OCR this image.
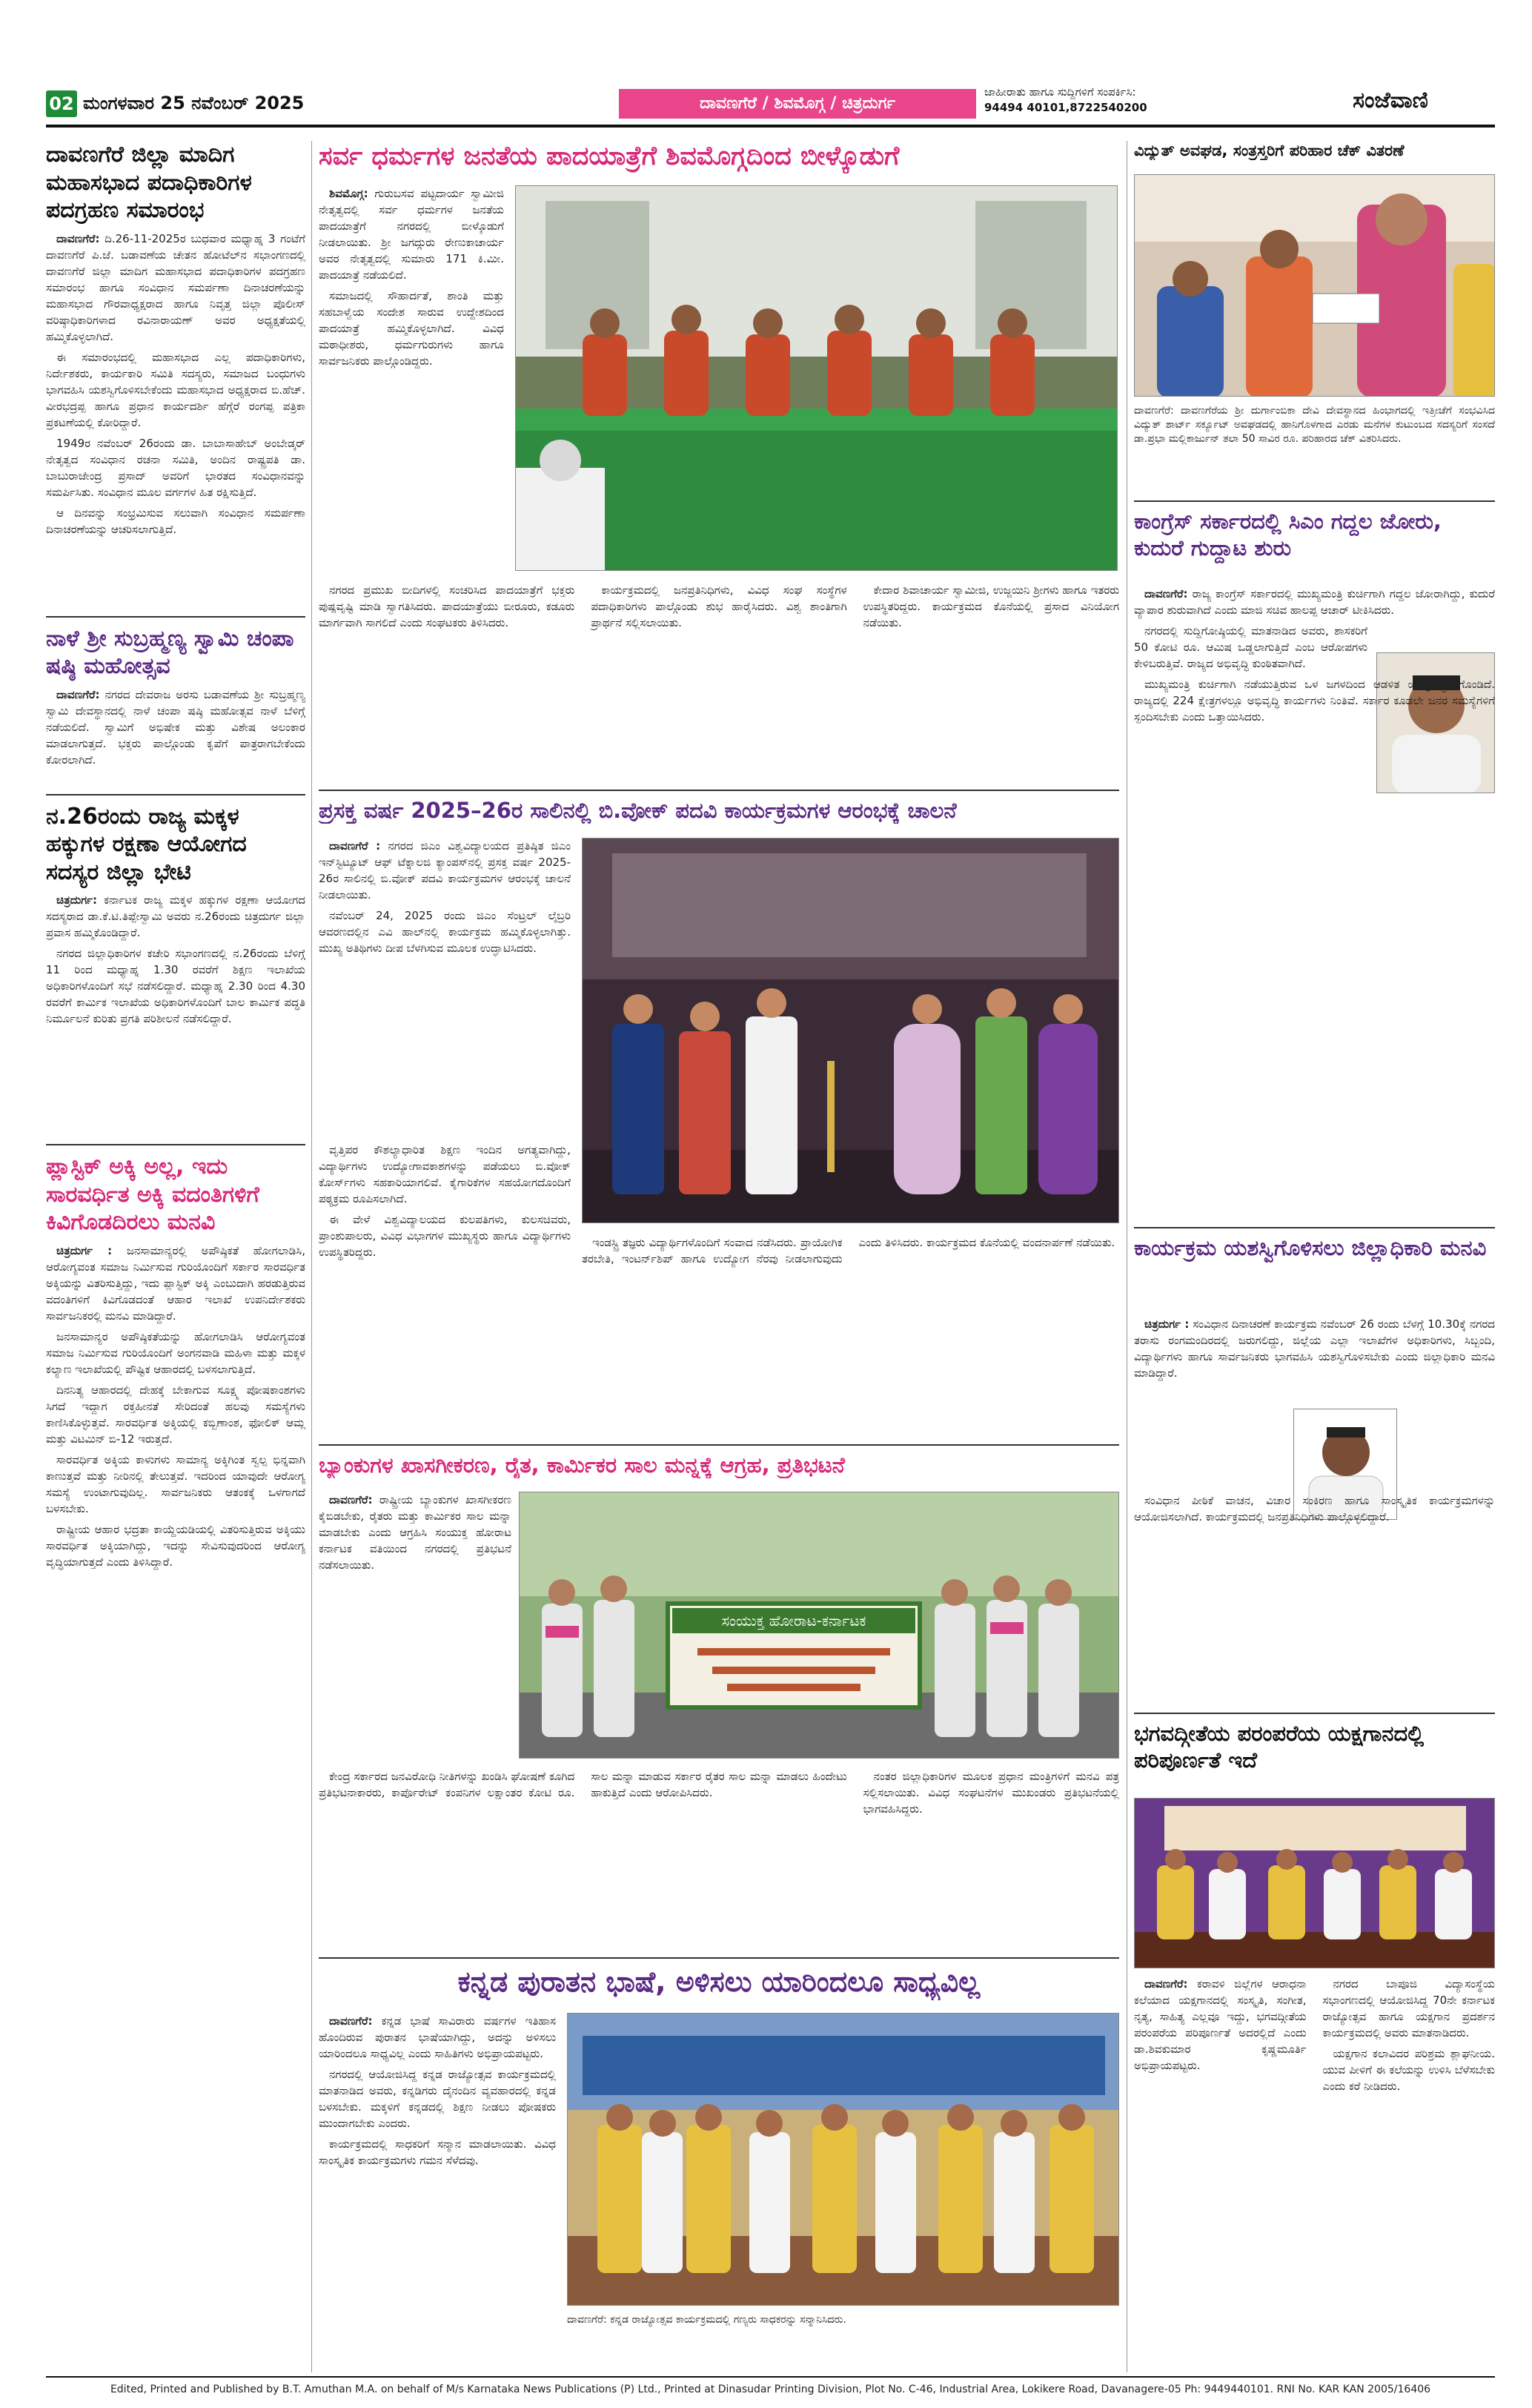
02 ಮಂಗಳವಾರ 25 ನವೆಂಬರ್ 2025	ದಾವಣಗೆರೆ / ಶಿವಮೊಗ್ಗ / ಚಿತ್ರದುರ್ಗ
ಜಾಹೀರಾತು ಹಾಗೂ ಸುದ್ದಿಗಳಿಗೆ ಸಂಪರ್ಕಿಸಿ:
94494 40101,8722540200	ಸಂಜೆವಾಣಿ
ದಾವಣಗೆರೆ ಜಿಲ್ಲಾ ಮಾದಿಗ ಮಹಾಸಭಾದ ಪದಾಧಿಕಾರಿಗಳ ಪದಗ್ರಹಣ ಸಮಾರಂಭ

ದಾವಣಗೆರೆ: ದಿ.26-11-2025ರ ಬುಧವಾರ ಮಧ್ಯಾಹ್ನ 3 ಗಂಟೆಗೆ ದಾವಣಗೆರೆ ಪಿ.ಜೆ. ಬಡಾವಣೆಯ ಚೇತನ ಹೋಟೆಲ್‌ನ ಸಭಾಂಗಣದಲ್ಲಿ ದಾವಣಗೆರೆ ಜಿಲ್ಲಾ ಮಾದಿಗ ಮಹಾಸಭಾದ ಪದಾಧಿಕಾರಿಗಳ ಪದಗ್ರಹಣ ಸಮಾರಂಭ ಹಾಗೂ ಸಂವಿಧಾನ ಸಮರ್ಪಣಾ ದಿನಾಚರಣೆಯನ್ನು ಮಹಾಸಭಾದ ಗೌರವಾಧ್ಯಕ್ಷರಾದ ಹಾಗೂ ನಿವೃತ್ತ ಜಿಲ್ಲಾ ಪೊಲೀಸ್ ವರಿಷ್ಠಾಧಿಕಾರಿಗಳಾದ ರವಿನಾರಾಯಣ್ ಅವರ ಅಧ್ಯಕ್ಷತೆಯಲ್ಲಿ ಹಮ್ಮಿಕೊಳ್ಳಲಾಗಿದೆ.

ಈ ಸಮಾರಂಭದಲ್ಲಿ ಮಹಾಸಭಾದ ಎಲ್ಲ ಪದಾಧಿಕಾರಿಗಳು, ನಿರ್ದೇಶಕರು, ಕಾರ್ಯಕಾರಿ ಸಮಿತಿ ಸದಸ್ಯರು, ಸಮಾಜದ ಬಂಧುಗಳು ಭಾಗವಹಿಸಿ ಯಶಸ್ವಿಗೊಳಿಸಬೇಕೆಂದು ಮಹಾಸಭಾದ ಅಧ್ಯಕ್ಷರಾದ ಬಿ.ಹೆಚ್. ವೀರಭದ್ರಪ್ಪ ಹಾಗೂ ಪ್ರಧಾನ ಕಾರ್ಯದರ್ಶಿ ಹೆಗ್ಗೆರೆ ರಂಗಪ್ಪ ಪತ್ರಿಕಾ ಪ್ರಕಟಣೆಯಲ್ಲಿ ಕೋರಿದ್ದಾರೆ.

1949ರ ನವೆಂಬರ್ 26ರಂದು ಡಾ. ಬಾಬಾಸಾಹೇಬ್ ಅಂಬೇಡ್ಕರ್ ನೇತೃತ್ವದ ಸಂವಿಧಾನ ರಚನಾ ಸಮಿತಿ, ಅಂದಿನ ರಾಷ್ಟ್ರಪತಿ ಡಾ. ಬಾಬುರಾಜೇಂದ್ರ ಪ್ರಸಾದ್ ಅವರಿಗೆ ಭಾರತದ ಸಂವಿಧಾನವನ್ನು ಸಮರ್ಪಿಸಿತು. ಸಂವಿಧಾನ ಮೂಲ ವರ್ಗಗಳ ಹಿತ ರಕ್ಷಿಸುತ್ತಿದೆ.

ಆ ದಿನವನ್ನು ಸಂಭ್ರಮಿಸುವ ಸಲುವಾಗಿ ಸಂವಿಧಾನ ಸಮರ್ಪಣಾ ದಿನಾಚರಣೆಯನ್ನು ಆಚರಿಸಲಾಗುತ್ತಿದೆ.

ನಾಳೆ ಶ್ರೀ ಸುಬ್ರಹ್ಮಣ್ಯ ಸ್ವಾಮಿ ಚಂಪಾ ಷಷ್ಠಿ ಮಹೋತ್ಸವ

ದಾವಣಗೆರೆ: ನಗರದ ದೇವರಾಜ ಅರಸು ಬಡಾವಣೆಯ ಶ್ರೀ ಸುಬ್ರಹ್ಮಣ್ಯ ಸ್ವಾಮಿ ದೇವಸ್ಥಾನದಲ್ಲಿ ನಾಳೆ ಚಂಪಾ ಷಷ್ಠಿ ಮಹೋತ್ಸವ ನಾಳೆ ಬೆಳಿಗ್ಗೆ ನಡೆಯಲಿದೆ. ಸ್ವಾಮಿಗೆ ಅಭಿಷೇಕ ಮತ್ತು ವಿಶೇಷ ಅಲಂಕಾರ ಮಾಡಲಾಗುತ್ತದೆ. ಭಕ್ತರು ಪಾಲ್ಗೊಂಡು ಕೃಪೆಗೆ ಪಾತ್ರರಾಗಬೇಕೆಂದು ಕೋರಲಾಗಿದೆ.

ನ.26ರಂದು ರಾಜ್ಯ ಮಕ್ಕಳ ಹಕ್ಕುಗಳ ರಕ್ಷಣಾ ಆಯೋಗದ ಸದಸ್ಯರ ಜಿಲ್ಲಾ ಭೇಟಿ

ಚಿತ್ರದುರ್ಗ: ಕರ್ನಾಟಕ ರಾಜ್ಯ ಮಕ್ಕಳ ಹಕ್ಕುಗಳ ರಕ್ಷಣಾ ಆಯೋಗದ ಸದಸ್ಯರಾದ ಡಾ.ಕೆ.ಟಿ.ತಿಪ್ಪೇಸ್ವಾಮಿ ಅವರು ನ.26ರಂದು ಚಿತ್ರದುರ್ಗ ಜಿಲ್ಲಾ ಪ್ರವಾಸ ಹಮ್ಮಿಕೊಂಡಿದ್ದಾರೆ.

ನಗರದ ಜಿಲ್ಲಾಧಿಕಾರಿಗಳ ಕಚೇರಿ ಸಭಾಂಗಣದಲ್ಲಿ ನ.26ರಂದು ಬೆಳಿಗ್ಗೆ 11 ರಿಂದ ಮಧ್ಯಾಹ್ನ 1.30 ರವರೆಗೆ ಶಿಕ್ಷಣ ಇಲಾಖೆಯ ಅಧಿಕಾರಿಗಳೊಂದಿಗೆ ಸಭೆ ನಡೆಸಲಿದ್ದಾರೆ. ಮಧ್ಯಾಹ್ನ 2.30 ರಿಂದ 4.30 ರವರೆಗೆ ಕಾರ್ಮಿಕ ಇಲಾಖೆಯ ಅಧಿಕಾರಿಗಳೊಂದಿಗೆ ಬಾಲ ಕಾರ್ಮಿಕ ಪದ್ಧತಿ ನಿರ್ಮೂಲನೆ ಕುರಿತು ಪ್ರಗತಿ ಪರಿಶೀಲನೆ ನಡೆಸಲಿದ್ದಾರೆ.

ಪ್ಲಾಸ್ಟಿಕ್ ಅಕ್ಕಿ ಅಲ್ಲ, ಇದು ಸಾರವರ್ಧಿತ ಅಕ್ಕಿ ವದಂತಿಗಳಿಗೆ ಕಿವಿಗೊಡದಿರಲು ಮನವಿ

ಚಿತ್ರದುರ್ಗ : ಜನಸಾಮಾನ್ಯರಲ್ಲಿ ಅಪೌಷ್ಠಿಕತೆ ಹೋಗಲಾಡಿಸಿ, ಆರೋಗ್ಯವಂತ ಸಮಾಜ ನಿರ್ಮಿಸುವ ಗುರಿಯೊಂದಿಗೆ ಸರ್ಕಾರ ಸಾರವರ್ಧಿತ ಅಕ್ಕಿಯನ್ನು ವಿತರಿಸುತ್ತಿದ್ದು, ಇದು ಪ್ಲಾಸ್ಟಿಕ್ ಅಕ್ಕಿ ಎಂಬುದಾಗಿ ಹರಡುತ್ತಿರುವ ವದಂತಿಗಳಿಗೆ ಕಿವಿಗೊಡದಂತೆ ಆಹಾರ ಇಲಾಖೆ ಉಪನಿರ್ದೇಶಕರು ಸಾರ್ವಜನಿಕರಲ್ಲಿ ಮನವಿ ಮಾಡಿದ್ದಾರೆ.

ಜನಸಾಮಾನ್ಯರ ಅಪೌಷ್ಠಿಕತೆಯನ್ನು ಹೋಗಲಾಡಿಸಿ ಆರೋಗ್ಯವಂತ ಸಮಾಜ ನಿರ್ಮಿಸುವ ಗುರಿಯೊಂದಿಗೆ ಅಂಗನವಾಡಿ ಮಹಿಳಾ ಮತ್ತು ಮಕ್ಕಳ ಕಲ್ಯಾಣ ಇಲಾಖೆಯಲ್ಲಿ ಪೌಷ್ಟಿಕ ಆಹಾರದಲ್ಲಿ ಬಳಸಲಾಗುತ್ತಿದೆ.

ದಿನನಿತ್ಯ ಆಹಾರದಲ್ಲಿ ದೇಹಕ್ಕೆ ಬೇಕಾಗುವ ಸೂಕ್ಷ್ಮ ಪೋಷಕಾಂಶಗಳು ಸಿಗದೆ ಇದ್ದಾಗ ರಕ್ತಹೀನತೆ ಸೇರಿದಂತೆ ಹಲವು ಸಮಸ್ಯೆಗಳು ಕಾಣಿಸಿಕೊಳ್ಳುತ್ತವೆ. ಸಾರವರ್ಧಿತ ಅಕ್ಕಿಯಲ್ಲಿ ಕಬ್ಬಿಣಾಂಶ, ಫೋಲಿಕ್ ಆಮ್ಲ ಮತ್ತು ವಿಟಮಿನ್ ಬಿ-12 ಇರುತ್ತದೆ.

ಸಾರವರ್ಧಿತ ಅಕ್ಕಿಯ ಕಾಳುಗಳು ಸಾಮಾನ್ಯ ಅಕ್ಕಿಗಿಂತ ಸ್ವಲ್ಪ ಭಿನ್ನವಾಗಿ ಕಾಣುತ್ತವೆ ಮತ್ತು ನೀರಿನಲ್ಲಿ ತೇಲುತ್ತವೆ. ಇದರಿಂದ ಯಾವುದೇ ಆರೋಗ್ಯ ಸಮಸ್ಯೆ ಉಂಟಾಗುವುದಿಲ್ಲ. ಸಾರ್ವಜನಿಕರು ಆತಂಕಕ್ಕೆ ಒಳಗಾಗದೆ ಬಳಸಬೇಕು.

ರಾಷ್ಟ್ರೀಯ ಆಹಾರ ಭದ್ರತಾ ಕಾಯ್ದೆಯಡಿಯಲ್ಲಿ ವಿತರಿಸುತ್ತಿರುವ ಅಕ್ಕಿಯು ಸಾರವರ್ಧಿತ ಅಕ್ಕಿಯಾಗಿದ್ದು, ಇದನ್ನು ಸೇವಿಸುವುದರಿಂದ ಆರೋಗ್ಯ ವೃದ್ಧಿಯಾಗುತ್ತದೆ ಎಂದು ತಿಳಿಸಿದ್ದಾರೆ.

ಸರ್ವ ಧರ್ಮಗಳ ಜನತೆಯ ಪಾದಯಾತ್ರೆಗೆ ಶಿವಮೊಗ್ಗದಿಂದ ಬೀಳ್ಕೊಡುಗೆ

ಶಿವಮೊಗ್ಗ: ಗುರುಬಸವ ಪಟ್ಟದಾರ್ಯ ಸ್ವಾಮೀಜಿ ನೇತೃತ್ವದಲ್ಲಿ ಸರ್ವ ಧರ್ಮಗಳ ಜನತೆಯ ಪಾದಯಾತ್ರೆಗೆ ನಗರದಲ್ಲಿ ಬೀಳ್ಕೊಡುಗೆ ನೀಡಲಾಯಿತು. ಶ್ರೀ ಜಗದ್ಗುರು ರೇಣುಕಾಚಾರ್ಯ ಅವರ ನೇತೃತ್ವದಲ್ಲಿ ಸುಮಾರು 171 ಕಿ.ಮೀ. ಪಾದಯಾತ್ರೆ ನಡೆಯಲಿದೆ.

ಸಮಾಜದಲ್ಲಿ ಸೌಹಾರ್ದತೆ, ಶಾಂತಿ ಮತ್ತು ಸಹಬಾಳ್ವೆಯ ಸಂದೇಶ ಸಾರುವ ಉದ್ದೇಶದಿಂದ ಪಾದಯಾತ್ರೆ ಹಮ್ಮಿಕೊಳ್ಳಲಾಗಿದೆ. ವಿವಿಧ ಮಠಾಧೀಶರು, ಧರ್ಮಗುರುಗಳು ಹಾಗೂ ಸಾರ್ವಜನಿಕರು ಪಾಲ್ಗೊಂಡಿದ್ದರು.

ನಗರದ ಪ್ರಮುಖ ಬೀದಿಗಳಲ್ಲಿ ಸಂಚರಿಸಿದ ಪಾದಯಾತ್ರೆಗೆ ಭಕ್ತರು ಪುಷ್ಪವೃಷ್ಟಿ ಮಾಡಿ ಸ್ವಾಗತಿಸಿದರು. ಪಾದಯಾತ್ರೆಯು ಬೀರೂರು, ಕಡೂರು ಮಾರ್ಗವಾಗಿ ಸಾಗಲಿದೆ ಎಂದು ಸಂಘಟಕರು ತಿಳಿಸಿದರು.

ಕಾರ್ಯಕ್ರಮದಲ್ಲಿ ಜನಪ್ರತಿನಿಧಿಗಳು, ವಿವಿಧ ಸಂಘ ಸಂಸ್ಥೆಗಳ ಪದಾಧಿಕಾರಿಗಳು ಪಾಲ್ಗೊಂಡು ಶುಭ ಹಾರೈಸಿದರು. ವಿಶ್ವ ಶಾಂತಿಗಾಗಿ ಪ್ರಾರ್ಥನೆ ಸಲ್ಲಿಸಲಾಯಿತು.

ಕೇದಾರ ಶಿವಾಚಾರ್ಯ ಸ್ವಾಮೀಜಿ, ಉಜ್ಜಯಿನಿ ಶ್ರೀಗಳು ಹಾಗೂ ಇತರರು ಉಪಸ್ಥಿತರಿದ್ದರು. ಕಾರ್ಯಕ್ರಮದ ಕೊನೆಯಲ್ಲಿ ಪ್ರಸಾದ ವಿನಿಯೋಗ ನಡೆಯಿತು.

ಪ್ರಸಕ್ತ ವರ್ಷ 2025–26ರ ಸಾಲಿನಲ್ಲಿ ಬಿ.ವೋಕ್ ಪದವಿ ಕಾರ್ಯಕ್ರಮಗಳ ಆರಂಭಕ್ಕೆ ಚಾಲನೆ

ದಾವಣಗೆರೆ : ನಗರದ ಜಿಎಂ ವಿಶ್ವವಿದ್ಯಾಲಯದ ಪ್ರತಿಷ್ಠಿತ ಜಿಎಂ ಇನ್‌ಸ್ಟಿಟ್ಯೂಟ್ ಆಫ್ ಟೆಕ್ನಾಲಜಿ ಕ್ಯಾಂಪಸ್‌ನಲ್ಲಿ ಪ್ರಸಕ್ತ ವರ್ಷ 2025-26ರ ಸಾಲಿನಲ್ಲಿ ಬಿ.ವೋಕ್ ಪದವಿ ಕಾರ್ಯಕ್ರಮಗಳ ಆರಂಭಕ್ಕೆ ಚಾಲನೆ ನೀಡಲಾಯಿತು.

ನವೆಂಬರ್ 24, 2025 ರಂದು ಜಿಎಂ ಸೆಂಟ್ರಲ್ ಲೈಬ್ರರಿ ಆವರಣದಲ್ಲಿನ ಎವಿ ಹಾಲ್‌ನಲ್ಲಿ ಕಾರ್ಯಕ್ರಮ ಹಮ್ಮಿಕೊಳ್ಳಲಾಗಿತ್ತು. ಮುಖ್ಯ ಅತಿಥಿಗಳು ದೀಪ ಬೆಳಗಿಸುವ ಮೂಲಕ ಉದ್ಘಾಟಿಸಿದರು.

ವೃತ್ತಿಪರ ಕೌಶಲ್ಯಾಧಾರಿತ ಶಿಕ್ಷಣ ಇಂದಿನ ಅಗತ್ಯವಾಗಿದ್ದು, ವಿದ್ಯಾರ್ಥಿಗಳು ಉದ್ಯೋಗಾವಕಾಶಗಳನ್ನು ಪಡೆಯಲು ಬಿ.ವೋಕ್ ಕೋರ್ಸ್‌ಗಳು ಸಹಕಾರಿಯಾಗಲಿವೆ. ಕೈಗಾರಿಕೆಗಳ ಸಹಯೋಗದೊಂದಿಗೆ ಪಠ್ಯಕ್ರಮ ರೂಪಿಸಲಾಗಿದೆ.

ಈ ವೇಳೆ ವಿಶ್ವವಿದ್ಯಾಲಯದ ಕುಲಪತಿಗಳು, ಕುಲಸಚಿವರು, ಪ್ರಾಂಶುಪಾಲರು, ವಿವಿಧ ವಿಭಾಗಗಳ ಮುಖ್ಯಸ್ಥರು ಹಾಗೂ ವಿದ್ಯಾರ್ಥಿಗಳು ಉಪಸ್ಥಿತರಿದ್ದರು.

ಇಂಡಸ್ಟ್ರಿ ತಜ್ಞರು ವಿದ್ಯಾರ್ಥಿಗಳೊಂದಿಗೆ ಸಂವಾದ ನಡೆಸಿದರು. ಪ್ರಾಯೋಗಿಕ ತರಬೇತಿ, ಇಂಟರ್ನ್‌ಶಿಪ್ ಹಾಗೂ ಉದ್ಯೋಗ ನೆರವು ನೀಡಲಾಗುವುದು ಎಂದು ತಿಳಿಸಿದರು. ಕಾರ್ಯಕ್ರಮದ ಕೊನೆಯಲ್ಲಿ ವಂದನಾರ್ಪಣೆ ನಡೆಯಿತು.

ಬ್ಯಾಂಕುಗಳ ಖಾಸಗೀಕರಣ, ರೈತ, ಕಾರ್ಮಿಕರ ಸಾಲ ಮನ್ನಕ್ಕೆ ಆಗ್ರಹ, ಪ್ರತಿಭಟನೆ

ದಾವಣಗೆರೆ: ರಾಷ್ಟ್ರೀಯ ಬ್ಯಾಂಕುಗಳ ಖಾಸಗೀಕರಣ ಕೈಬಿಡಬೇಕು, ರೈತರು ಮತ್ತು ಕಾರ್ಮಿಕರ ಸಾಲ ಮನ್ನಾ ಮಾಡಬೇಕು ಎಂದು ಆಗ್ರಹಿಸಿ ಸಂಯುಕ್ತ ಹೋರಾಟ ಕರ್ನಾಟಕ ವತಿಯಿಂದ ನಗರದಲ್ಲಿ ಪ್ರತಿಭಟನೆ ನಡೆಸಲಾಯಿತು.

ಸಂಯುಕ್ತ ಹೋರಾಟ-ಕರ್ನಾಟಕ

ಕೇಂದ್ರ ಸರ್ಕಾರದ ಜನವಿರೋಧಿ ನೀತಿಗಳನ್ನು ಖಂಡಿಸಿ ಘೋಷಣೆ ಕೂಗಿದ ಪ್ರತಿಭಟನಾಕಾರರು, ಕಾರ್ಪೊರೇಟ್ ಕಂಪನಿಗಳ ಲಕ್ಷಾಂತರ ಕೋಟಿ ರೂ. ಸಾಲ ಮನ್ನಾ ಮಾಡುವ ಸರ್ಕಾರ ರೈತರ ಸಾಲ ಮನ್ನಾ ಮಾಡಲು ಹಿಂದೇಟು ಹಾಕುತ್ತಿದೆ ಎಂದು ಆರೋಪಿಸಿದರು.

ನಂತರ ಜಿಲ್ಲಾಧಿಕಾರಿಗಳ ಮೂಲಕ ಪ್ರಧಾನ ಮಂತ್ರಿಗಳಿಗೆ ಮನವಿ ಪತ್ರ ಸಲ್ಲಿಸಲಾಯಿತು. ವಿವಿಧ ಸಂಘಟನೆಗಳ ಮುಖಂಡರು ಪ್ರತಿಭಟನೆಯಲ್ಲಿ ಭಾಗವಹಿಸಿದ್ದರು.

ಕನ್ನಡ ಪುರಾತನ ಭಾಷೆ, ಅಳಿಸಲು ಯಾರಿಂದಲೂ ಸಾಧ್ಯವಿಲ್ಲ

ದಾವಣಗೆರೆ: ಕನ್ನಡ ಭಾಷೆ ಸಾವಿರಾರು ವರ್ಷಗಳ ಇತಿಹಾಸ ಹೊಂದಿರುವ ಪುರಾತನ ಭಾಷೆಯಾಗಿದ್ದು, ಅದನ್ನು ಅಳಿಸಲು ಯಾರಿಂದಲೂ ಸಾಧ್ಯವಿಲ್ಲ ಎಂದು ಸಾಹಿತಿಗಳು ಅಭಿಪ್ರಾಯಪಟ್ಟರು.

ನಗರದಲ್ಲಿ ಆಯೋಜಿಸಿದ್ದ ಕನ್ನಡ ರಾಜ್ಯೋತ್ಸವ ಕಾರ್ಯಕ್ರಮದಲ್ಲಿ ಮಾತನಾಡಿದ ಅವರು, ಕನ್ನಡಿಗರು ದೈನಂದಿನ ವ್ಯವಹಾರದಲ್ಲಿ ಕನ್ನಡ ಬಳಸಬೇಕು. ಮಕ್ಕಳಿಗೆ ಕನ್ನಡದಲ್ಲಿ ಶಿಕ್ಷಣ ನೀಡಲು ಪೋಷಕರು ಮುಂದಾಗಬೇಕು ಎಂದರು.

ಕಾರ್ಯಕ್ರಮದಲ್ಲಿ ಸಾಧಕರಿಗೆ ಸನ್ಮಾನ ಮಾಡಲಾಯಿತು. ವಿವಿಧ ಸಾಂಸ್ಕೃತಿಕ ಕಾರ್ಯಕ್ರಮಗಳು ಗಮನ ಸೆಳೆದವು.

ದಾವಣಗೆರೆ: ಕನ್ನಡ ರಾಜ್ಯೋತ್ಸವ ಕಾರ್ಯಕ್ರಮದಲ್ಲಿ ಗಣ್ಯರು ಸಾಧಕರನ್ನು ಸನ್ಮಾನಿಸಿದರು.
ವಿದ್ಯುತ್ ಅವಘಡ, ಸಂತ್ರಸ್ತರಿಗೆ ಪರಿಹಾರ ಚೆಕ್ ವಿತರಣೆ
ದಾವಣಗೆರೆ: ದಾವಣಗೆರೆಯ ಶ್ರೀ ದುರ್ಗಾಂಬಿಕಾ ದೇವಿ ದೇವಸ್ಥಾನದ ಹಿಂಭಾಗದಲ್ಲಿ ಇತ್ತೀಚೆಗೆ ಸಂಭವಿಸಿದ ವಿದ್ಯುತ್ ಶಾರ್ಟ್ ಸರ್ಕ್ಯೂಟ್ ಅವಘಡದಲ್ಲಿ ಹಾನಿಗೊಳಗಾದ ಎರಡು ಮನೆಗಳ ಕುಟುಂಬದ ಸದಸ್ಯರಿಗೆ ಸಂಸದೆ ಡಾ.ಪ್ರಭಾ ಮಲ್ಲಿಕಾರ್ಜುನ್ ತಲಾ 50 ಸಾವಿರ ರೂ. ಪರಿಹಾರದ ಚೆಕ್ ವಿತರಿಸಿದರು.
ಕಾಂಗ್ರೆಸ್ ಸರ್ಕಾರದಲ್ಲಿ ಸಿಎಂ ಗದ್ದಲ ಜೋರು, ಕುದುರೆ ಗುದ್ದಾಟ ಶುರು

ದಾವಣಗೆರೆ: ರಾಜ್ಯ ಕಾಂಗ್ರೆಸ್ ಸರ್ಕಾರದಲ್ಲಿ ಮುಖ್ಯಮಂತ್ರಿ ಕುರ್ಚಿಗಾಗಿ ಗದ್ದಲ ಜೋರಾಗಿದ್ದು, ಕುದುರೆ ವ್ಯಾಪಾರ ಶುರುವಾಗಿದೆ ಎಂದು ಮಾಜಿ ಸಚಿವ ಹಾಲಪ್ಪ ಆಚಾರ್ ಟೀಕಿಸಿದರು.

ನಗರದಲ್ಲಿ ಸುದ್ದಿಗೋಷ್ಠಿಯಲ್ಲಿ ಮಾತನಾಡಿದ ಅವರು, ಶಾಸಕರಿಗೆ 50 ಕೋಟಿ ರೂ. ಆಮಿಷ ಒಡ್ಡಲಾಗುತ್ತಿದೆ ಎಂಬ ಆರೋಪಗಳು ಕೇಳಿಬರುತ್ತಿವೆ. ರಾಜ್ಯದ ಅಭಿವೃದ್ಧಿ ಕುಂಠಿತವಾಗಿದೆ.

ಮುಖ್ಯಮಂತ್ರಿ ಕುರ್ಚಿಗಾಗಿ ನಡೆಯುತ್ತಿರುವ ಒಳ ಜಗಳದಿಂದ ಆಡಳಿತ ಯಂತ್ರ ಸ್ಥಗಿತಗೊಂಡಿದೆ. ರಾಜ್ಯದಲ್ಲಿ 224 ಕ್ಷೇತ್ರಗಳಲ್ಲೂ ಅಭಿವೃದ್ಧಿ ಕಾರ್ಯಗಳು ನಿಂತಿವೆ. ಸರ್ಕಾರ ಕೂಡಲೇ ಜನರ ಸಮಸ್ಯೆಗಳಿಗೆ ಸ್ಪಂದಿಸಬೇಕು ಎಂದು ಒತ್ತಾಯಿಸಿದರು.

ಕಾರ್ಯಕ್ರಮ ಯಶಸ್ವಿಗೊಳಿಸಲು ಜಿಲ್ಲಾಧಿಕಾರಿ ಮನವಿ

ಚಿತ್ರದುರ್ಗ : ಸಂವಿಧಾನ ದಿನಾಚರಣೆ ಕಾರ್ಯಕ್ರಮ ನವೆಂಬರ್ 26 ರಂದು ಬೆಳಗ್ಗೆ 10.30ಕ್ಕೆ ನಗರದ ತರಾಸು ರಂಗಮಂದಿರದಲ್ಲಿ ಜರುಗಲಿದ್ದು, ಜಿಲ್ಲೆಯ ಎಲ್ಲಾ ಇಲಾಖೆಗಳ ಅಧಿಕಾರಿಗಳು, ಸಿಬ್ಬಂದಿ, ವಿದ್ಯಾರ್ಥಿಗಳು ಹಾಗೂ ಸಾರ್ವಜನಿಕರು ಭಾಗವಹಿಸಿ ಯಶಸ್ವಿಗೊಳಿಸಬೇಕು ಎಂದು ಜಿಲ್ಲಾಧಿಕಾರಿ ಮನವಿ ಮಾಡಿದ್ದಾರೆ.

ಸಂವಿಧಾನ ಪೀಠಿಕೆ ವಾಚನ, ವಿಚಾರ ಸಂಕಿರಣ ಹಾಗೂ ಸಾಂಸ್ಕೃತಿಕ ಕಾರ್ಯಕ್ರಮಗಳನ್ನು ಆಯೋಜಿಸಲಾಗಿದೆ. ಕಾರ್ಯಕ್ರಮದಲ್ಲಿ ಜನಪ್ರತಿನಿಧಿಗಳು ಪಾಲ್ಗೊಳ್ಳಲಿದ್ದಾರೆ.

ಭಗವದ್ಗೀತೆಯ ಪರಂಪರೆಯ ಯಕ್ಷಗಾನದಲ್ಲಿ ಪರಿಪೂರ್ಣತೆ ಇದೆ

ದಾವಣಗೆರೆ: ಕರಾವಳಿ ಜಿಲ್ಲೆಗಳ ಆರಾಧನಾ ಕಲೆಯಾದ ಯಕ್ಷಗಾನದಲ್ಲಿ ಸಂಸ್ಕೃತಿ, ಸಂಗೀತ, ನೃತ್ಯ, ಸಾಹಿತ್ಯ ಎಲ್ಲವೂ ಇದ್ದು, ಭಗವದ್ಗೀತೆಯ ಪರಂಪರೆಯ ಪರಿಪೂರ್ಣತೆ ಅದರಲ್ಲಿದೆ ಎಂದು ಡಾ.ಶಿವಕುಮಾರ ಕೃಷ್ಣಮೂರ್ತಿ ಅಭಿಪ್ರಾಯಪಟ್ಟರು.

ನಗರದ ಬಾಪೂಜಿ ವಿದ್ಯಾಸಂಸ್ಥೆಯ ಸಭಾಂಗಣದಲ್ಲಿ ಆಯೋಜಿಸಿದ್ದ 70ನೇ ಕರ್ನಾಟಕ ರಾಜ್ಯೋತ್ಸವ ಹಾಗೂ ಯಕ್ಷಗಾನ ಪ್ರದರ್ಶನ ಕಾರ್ಯಕ್ರಮದಲ್ಲಿ ಅವರು ಮಾತನಾಡಿದರು.

ಯಕ್ಷಗಾನ ಕಲಾವಿದರ ಪರಿಶ್ರಮ ಶ್ಲಾಘನೀಯ. ಯುವ ಪೀಳಿಗೆ ಈ ಕಲೆಯನ್ನು ಉಳಿಸಿ ಬೆಳೆಸಬೇಕು ಎಂದು ಕರೆ ನೀಡಿದರು.

Edited, Printed and Published by B.T. Amuthan M.A. on behalf of M/s Karnataka News Publications (P) Ltd., Printed at Dinasudar Printing Division, Plot No. C-46, Industrial Area, Lokikere Road, Davanagere-05 Ph: 9449440101. RNI No. KAR KAN 2005/16406
